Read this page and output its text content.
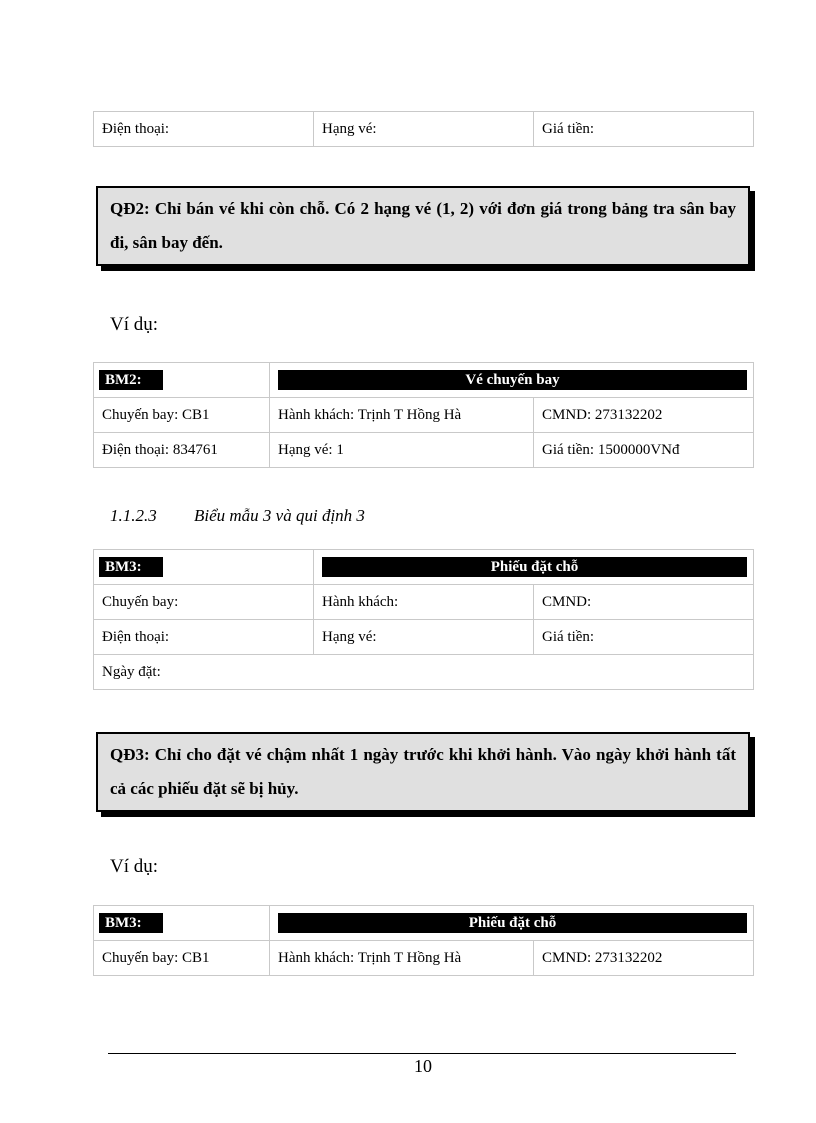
Điện thoại:	Hạng vé:	Giá tiền:
QĐ2: Chỉ bán vé khi còn chỗ. Có 2 hạng vé (1, 2) với đơn giá trong bảng tra sân bay đi, sân bay đến.
Ví dụ:
BM2:	Vé chuyến bay	

Chuyến bay: CB1	Hành khách: Trịnh T Hồng Hà	CMND: 273132202
Điện thoại: 834761	Hạng vé: 1	Giá tiền: 1500000VNđ
1.1.2.3 Biểu mẫu 3 và qui định 3
BM3:	Phiếu đặt chỗ	

Chuyến bay:	Hành khách:	CMND:
Điện thoại:	Hạng vé:	Giá tiền:
Ngày đặt:		
QĐ3: Chỉ cho đặt vé chậm nhất 1 ngày trước khi khởi hành. Vào ngày khởi hành tất cả các phiếu đặt sẽ bị hủy.
Ví dụ:
BM3:	Phiếu đặt chỗ	

Chuyến bay: CB1	Hành khách: Trịnh T Hồng Hà	CMND: 273132202
10
